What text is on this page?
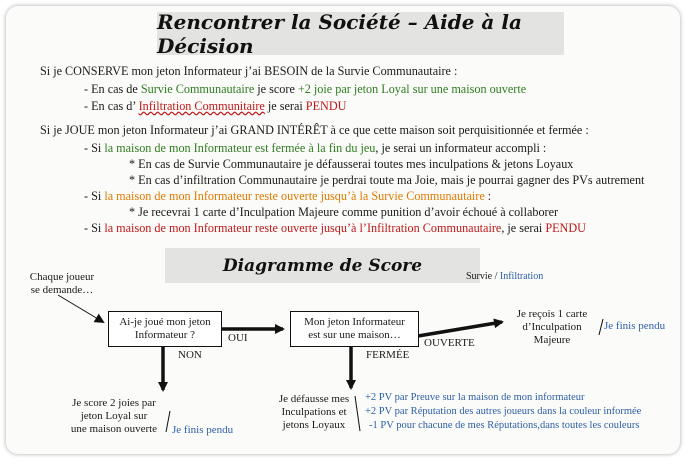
Rencontrer la Société – Aide à la Décision
Si je CONSERVE mon jeton Informateur j’ai BESOIN de la Survie Communautaire :
- En cas de Survie Communautaire je score +2 joie par jeton Loyal sur une maison ouverte
- En cas d’ Infiltration Communitaire je serai PENDU
Si je JOUE mon jeton Informateur j’ai GRAND INTÉRÊT à ce que cette maison soit perquisitionnée et fermée :
- Si la maison de mon Informateur est fermée à la fin du jeu, je serai un informateur accompli :
* En cas de Survie Communautaire je défausserai toutes mes inculpations & jetons Loyaux
* En cas d’infiltration Communautaire je perdrai toute ma Joie, mais je pourrai gagner des PVs autrement
- Si la maison de mon Informateur reste ouverte jusqu’à la Survie Communautaire :
* Je recevrai 1 carte d’Inculpation Majeure comme punition d’avoir échoué à collaborer
- Si la maison de mon Informateur reste ouverte jusqu’à l’Infiltration Communautaire, je serai PENDU
Diagramme de Score
Survie / Infiltration
Chaque joueur
se demande…
Ai-je joué mon jeton
Informateur ?	OUI
NON
Mon jeton Informateur
est sur une maison…
OUVERTE
FERMÉE
Je reçois 1 carte
d’Inculpation
Majeure
Je finis pendu
Je score 2 joies par
jeton Loyal sur
une maison ouverte	Je finis pendu
Je défausse mes
Inculpations et
jetons Loyaux
+2 PV par Preuve sur la maison de mon informateur
+2 PV par Réputation des autres joueurs dans la couleur informée
-1 PV pour chacune de mes Réputations,dans toutes les couleurs
